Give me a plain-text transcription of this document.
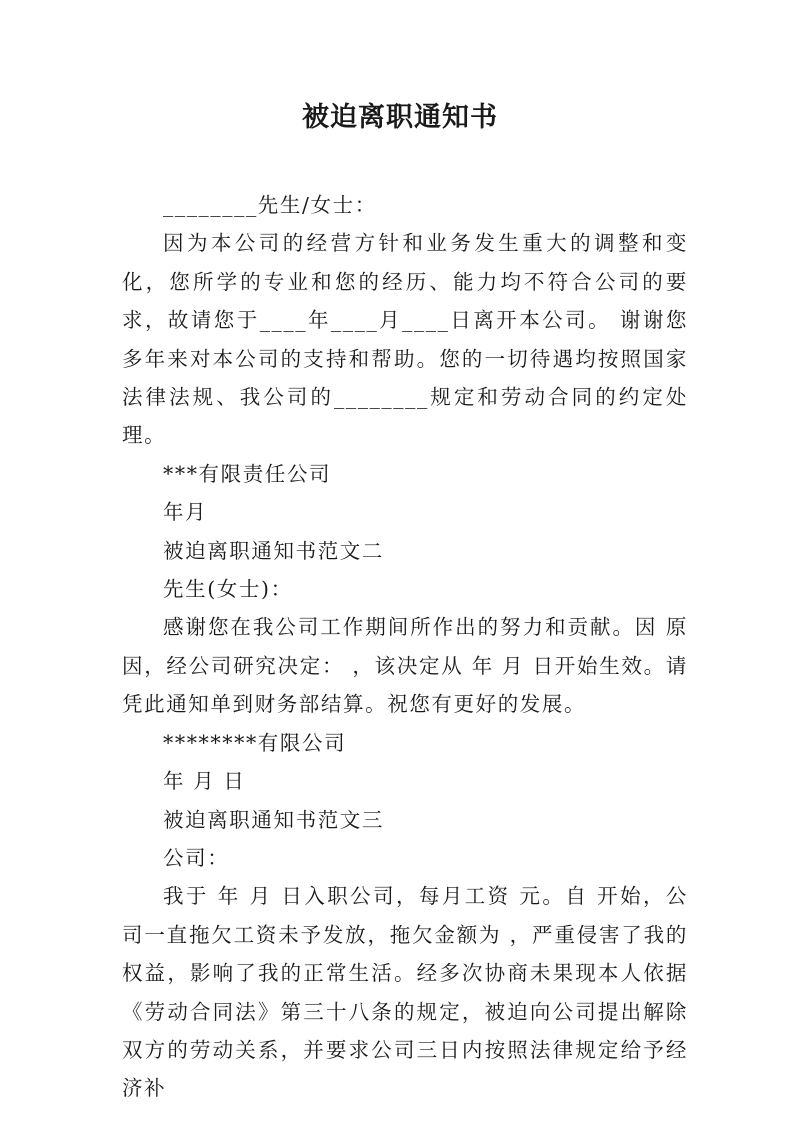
被迫离职通知书

________先生/女士：

因为本公司的经营方针和业务发生重大的调整和变化，您所学的专业和您的经历、能力均不符合公司的要求，故请您于____年____月____日离开本公司。 谢谢您多年来对本公司的支持和帮助。您的一切待遇均按照国家法律法规、我公司的________规定和劳动合同的约定处理。

***有限责任公司

年月

被迫离职通知书范文二

先生(女士)：

感谢您在我公司工作期间所作出的努力和贡献。因 原因，经公司研究决定： ，该决定从 年 月 日开始生效。请凭此通知单到财务部结算。祝您有更好的发展。

********有限公司

年 月 日

被迫离职通知书范文三

公司：

我于 年 月 日入职公司，每月工资 元。自 开始，公司一直拖欠工资未予发放，拖欠金额为 ，严重侵害了我的权益，影响了我的正常生活。经多次协商未果现本人依据《劳动合同法》第三十八条的规定，被迫向公司提出解除双方的劳动关系，并要求公司三日内按照法律规定给予经济补
